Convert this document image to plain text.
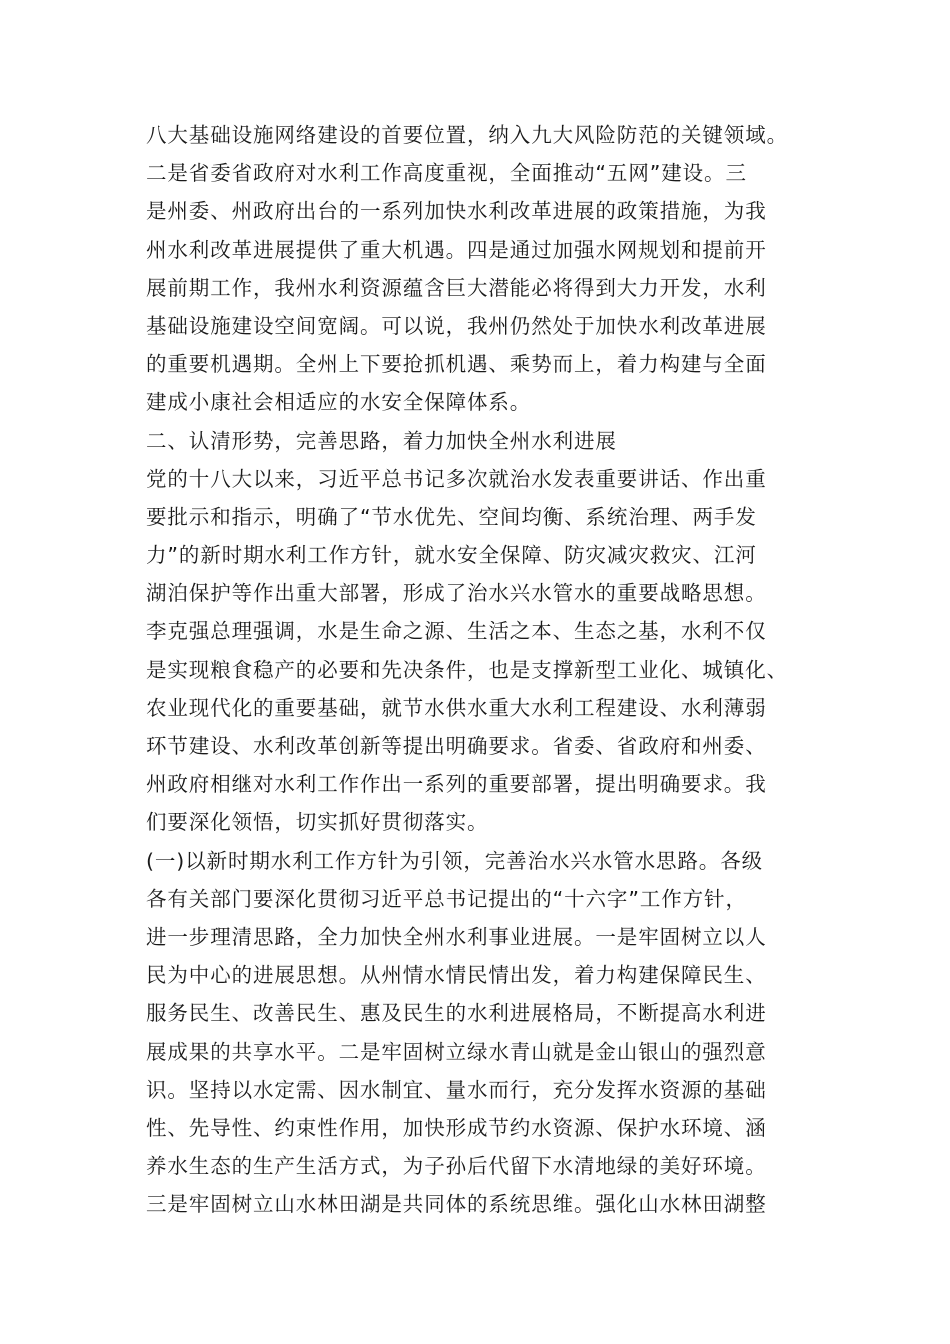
八大基础设施网络建设的首要位置，纳入九大风险防范的关键领域。
二是省委省政府对水利工作高度重视，全面推动“五网”建设。三
是州委、州政府出台的一系列加快水利改革进展的政策措施，为我
州水利改革进展提供了重大机遇。四是通过加强水网规划和提前开
展前期工作，我州水利资源蕴含巨大潜能必将得到大力开发，水利
基础设施建设空间宽阔。可以说，我州仍然处于加快水利改革进展
的重要机遇期。全州上下要抢抓机遇、乘势而上，着力构建与全面
建成小康社会相适应的水安全保障体系。
二、认清形势，完善思路，着力加快全州水利进展
党的十八大以来，习近平总书记多次就治水发表重要讲话、作出重
要批示和指示，明确了“节水优先、空间均衡、系统治理、两手发
力”的新时期水利工作方针，就水安全保障、防灾减灾救灾、江河
湖泊保护等作出重大部署，形成了治水兴水管水的重要战略思想。
李克强总理强调，水是生命之源、生活之本、生态之基，水利不仅
是实现粮食稳产的必要和先决条件，也是支撑新型工业化、城镇化、
农业现代化的重要基础，就节水供水重大水利工程建设、水利薄弱
环节建设、水利改革创新等提出明确要求。省委、省政府和州委、
州政府相继对水利工作作出一系列的重要部署，提出明确要求。我
们要深化领悟，切实抓好贯彻落实。
(一)以新时期水利工作方针为引领，完善治水兴水管水思路。各级
各有关部门要深化贯彻习近平总书记提出的“十六字”工作方针，
进一步理清思路，全力加快全州水利事业进展。一是牢固树立以人
民为中心的进展思想。从州情水情民情出发，着力构建保障民生、
服务民生、改善民生、惠及民生的水利进展格局，不断提高水利进
展成果的共享水平。二是牢固树立绿水青山就是金山银山的强烈意
识。坚持以水定需、因水制宜、量水而行，充分发挥水资源的基础
性、先导性、约束性作用，加快形成节约水资源、保护水环境、涵
养水生态的生产生活方式，为子孙后代留下水清地绿的美好环境。
三是牢固树立山水林田湖是共同体的系统思维。强化山水林田湖整
